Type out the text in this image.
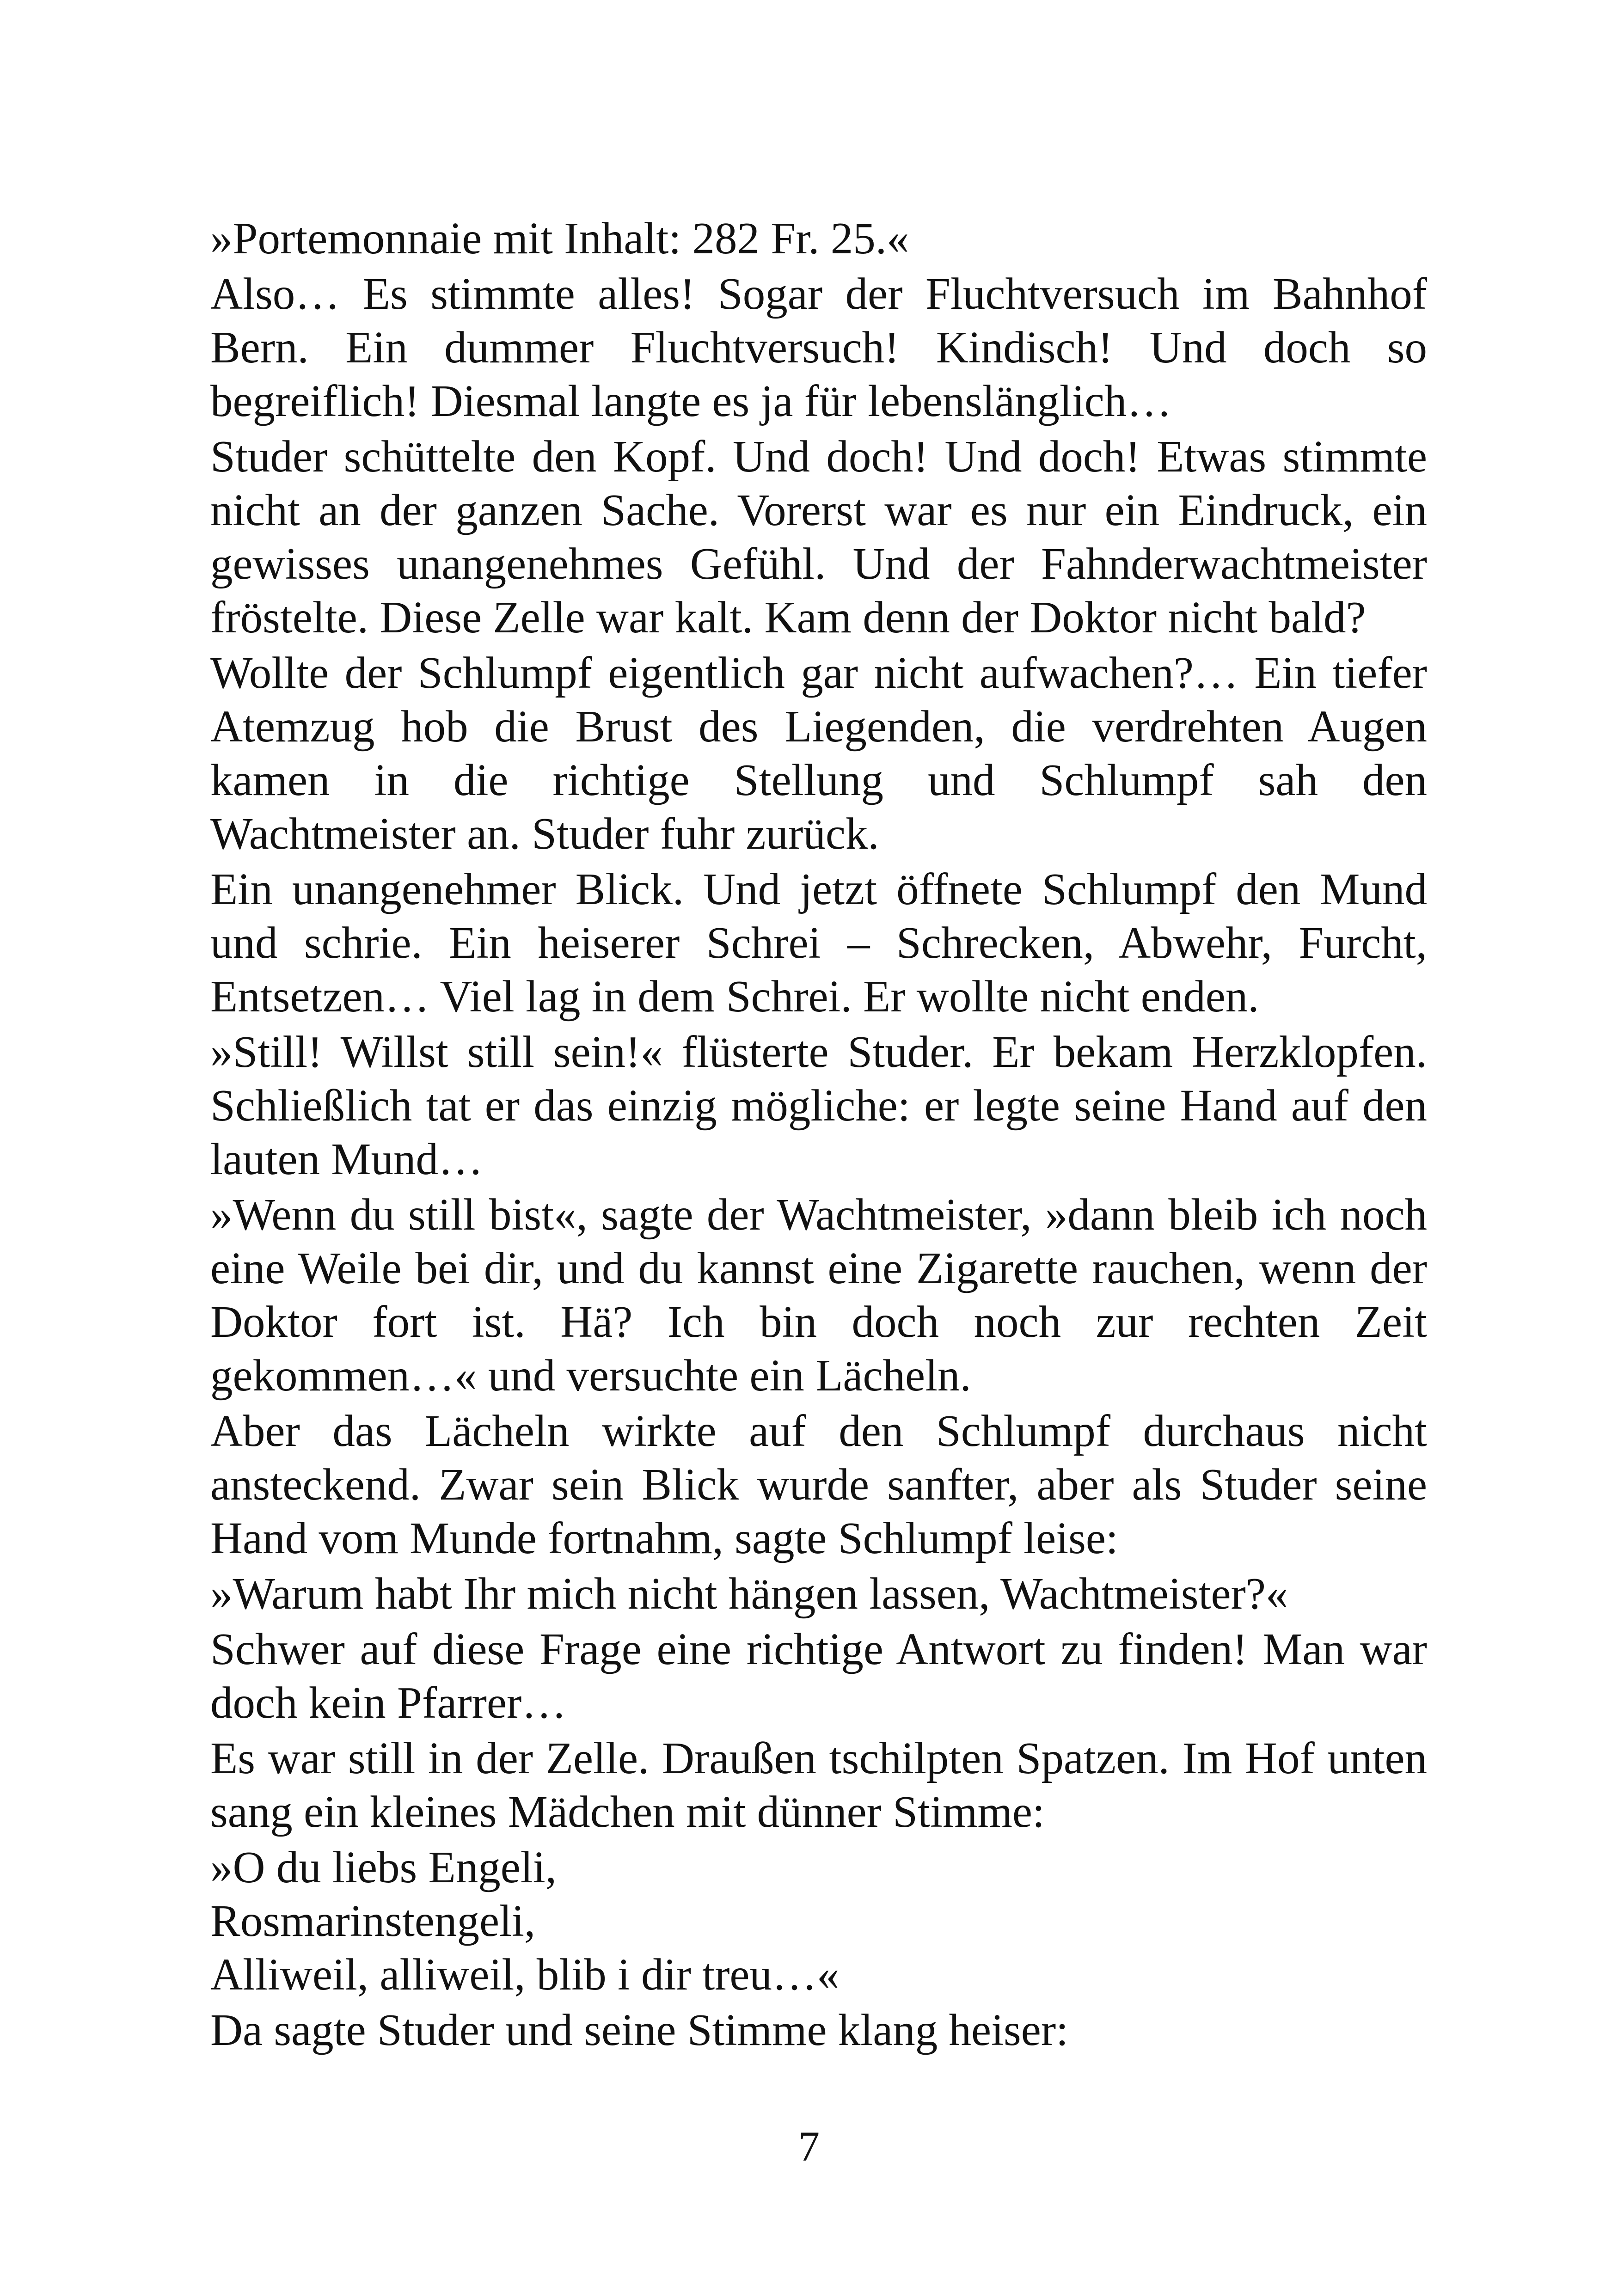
»Portemonnaie mit Inhalt: 282 Fr. 25.«

Also… Es stimmte alles! Sogar der Fluchtversuch im Bahnhof
Bern. Ein dummer Fluchtversuch! Kindisch! Und doch so
begreiflich! Diesmal langte es ja für lebenslänglich…

Studer schüttelte den Kopf. Und doch! Und doch! Etwas stimmte
nicht an der ganzen Sache. Vorerst war es nur ein Eindruck, ein
gewisses unangenehmes Gefühl. Und der Fahnderwachtmeister
fröstelte. Diese Zelle war kalt. Kam denn der Doktor nicht bald?

Wollte der Schlumpf eigentlich gar nicht aufwachen?… Ein tiefer
Atemzug hob die Brust des Liegenden, die verdrehten Augen
kamen in die richtige Stellung und Schlumpf sah den
Wachtmeister an. Studer fuhr zurück.

Ein unangenehmer Blick. Und jetzt öffnete Schlumpf den Mund
und schrie. Ein heiserer Schrei – Schrecken, Abwehr, Furcht,
Entsetzen… Viel lag in dem Schrei. Er wollte nicht enden.

»Still! Willst still sein!« flüsterte Studer. Er bekam Herzklopfen.
Schließlich tat er das einzig mögliche: er legte seine Hand auf den
lauten Mund…

»Wenn du still bist«, sagte der Wachtmeister, »dann bleib ich noch
eine Weile bei dir, und du kannst eine Zigarette rauchen, wenn der
Doktor fort ist. Hä? Ich bin doch noch zur rechten Zeit
gekommen…« und versuchte ein Lächeln.

Aber das Lächeln wirkte auf den Schlumpf durchaus nicht
ansteckend. Zwar sein Blick wurde sanfter, aber als Studer seine
Hand vom Munde fortnahm, sagte Schlumpf leise:

»Warum habt Ihr mich nicht hängen lassen, Wachtmeister?«

Schwer auf diese Frage eine richtige Antwort zu finden! Man war
doch kein Pfarrer…

Es war still in der Zelle. Draußen tschilpten Spatzen. Im Hof unten
sang ein kleines Mädchen mit dünner Stimme:

»O du liebs Engeli,
Rosmarinstengeli,
Alliweil, alliweil, blib i dir treu…«

Da sagte Studer und seine Stimme klang heiser:

7
